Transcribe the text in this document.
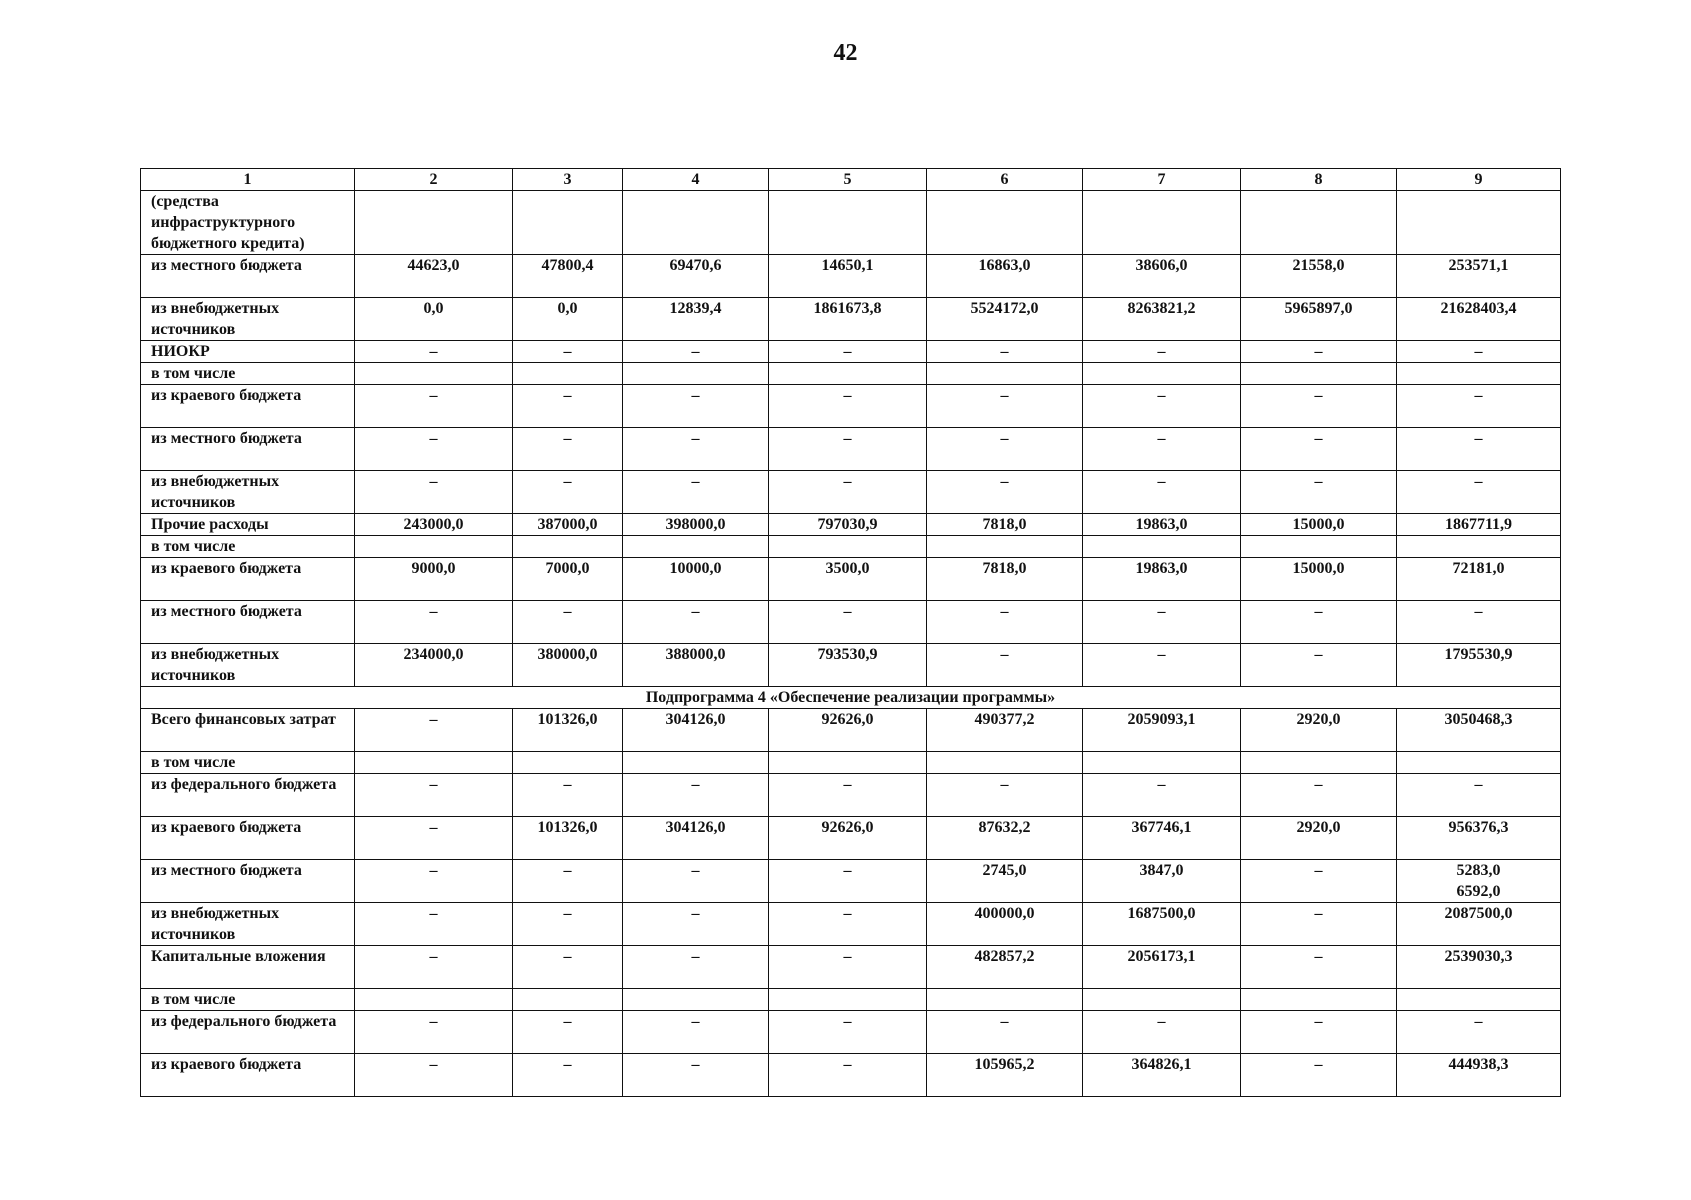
42
1	2	3	4	5	6	7	8	9
(средства инфраструктурного бюджетного кредита)								
из местного бюджета	44623,0	47800,4	69470,6	14650,1	16863,0	38606,0	21558,0	253571,1
из внебюджетных источников	0,0	0,0	12839,4	1861673,8	5524172,0	8263821,2	5965897,0	21628403,4
НИОКР	–	–	–	–	–	–	–	–
в том числе								
из краевого бюджета	–	–	–	–	–	–	–	–
из местного бюджета	–	–	–	–	–	–	–	–
из внебюджетных источников	–	–	–	–	–	–	–	–
Прочие расходы	243000,0	387000,0	398000,0	797030,9	7818,0	19863,0	15000,0	1867711,9
в том числе								
из краевого бюджета	9000,0	7000,0	10000,0	3500,0	7818,0	19863,0	15000,0	72181,0
из местного бюджета	–	–	–	–	–	–	–	–
из внебюджетных источников	234000,0	380000,0	388000,0	793530,9	–	–	–	1795530,9
Подпрограмма 4 «Обеспечение реализации программы»								
Всего финансовых затрат	–	101326,0	304126,0	92626,0	490377,2	2059093,1	2920,0	3050468,3
в том числе								
из федерального бюджета	–	–	–	–	–	–	–	–
из краевого бюджета	–	101326,0	304126,0	92626,0	87632,2	367746,1	2920,0	956376,3
из местного бюджета	–	–	–	–	2745,0	3847,0	–	5283,0
6592,0
из внебюджетных источников	–	–	–	–	400000,0	1687500,0	–	2087500,0
Капитальные вложения	–	–	–	–	482857,2	2056173,1	–	2539030,3
в том числе								
из федерального бюджета	–	–	–	–	–	–	–	–
из краевого бюджета	–	–	–	–	105965,2	364826,1	–	444938,3
